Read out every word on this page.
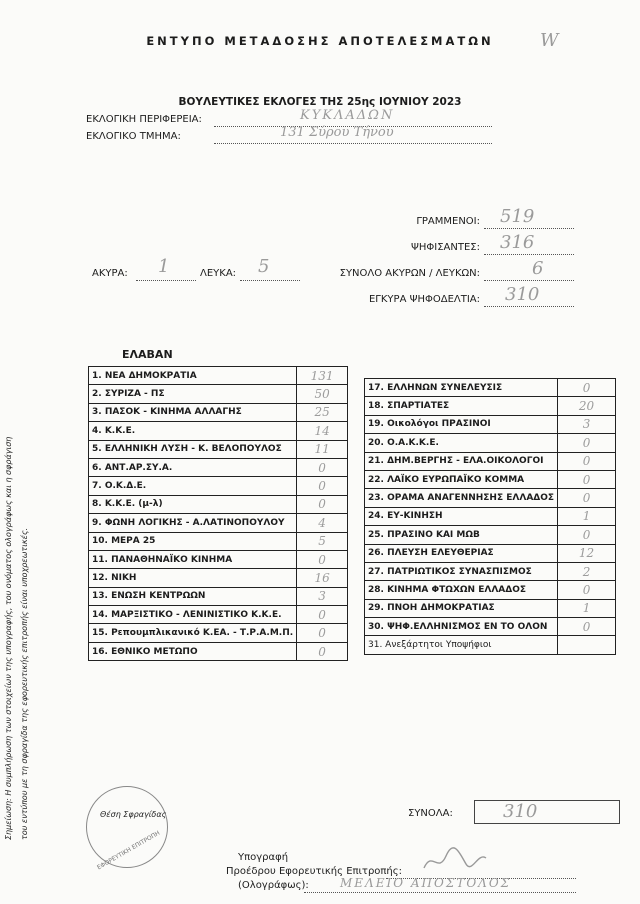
ΕΝΤΥΠΟ ΜΕΤΑΔΟΣΗΣ ΑΠΟΤΕΛΕΣΜΑΤΩΝ	W
ΒΟΥΛΕΥΤΙΚΕΣ ΕΚΛΟΓΕΣ ΤΗΣ 25ης ΙΟΥΝΙΟΥ 2023
ΕΚΛΟΓΙΚΗ ΠΕΡΙΦΕΡΕΙΑ:	ΚΥΚΛΑΔΩΝ
ΕΚΛΟΓΙΚΟ ΤΜΗΜΑ:	131 Σύρου Τήνου
ΓΡΑΜΜΕΝΟΙ: 519
ΨΗΦΙΣΑΝΤΕΣ: 316
ΑΚΥΡΑ: 1	ΛΕΥΚΑ: 5	ΣΥΝΟΛΟ ΑΚΥΡΩΝ / ΛΕΥΚΩΝ:	6
ΕΓΚΥΡΑ ΨΗΦΟΔΕΛΤΙΑ: 310
ΕΛΑΒΑΝ
1. ΝΕΑ ΔΗΜΟΚΡΑΤΙΑ	131
2. ΣΥΡΙΖΑ - ΠΣ	50
3. ΠΑΣΟΚ - ΚΙΝΗΜΑ ΑΛΛΑΓΗΣ	25
4. Κ.Κ.Ε.	14
5. ΕΛΛΗΝΙΚΗ ΛΥΣΗ - Κ. ΒΕΛΟΠΟΥΛΟΣ	11
6. ΑΝΤ.ΑΡ.ΣΥ.Α.	0
7. Ο.Κ.Δ.Ε.	0
8. Κ.Κ.Ε. (μ-λ)	0
9. ΦΩΝΗ ΛΟΓΙΚΗΣ - Α.ΛΑΤΙΝΟΠΟΥΛΟΥ	4
10. ΜΕΡΑ 25	5
11. ΠΑΝΑΘΗΝΑΪΚΟ ΚΙΝΗΜΑ	0
12. ΝΙΚΗ	16
13. ΕΝΩΣΗ ΚΕΝΤΡΩΩΝ	3
14. ΜΑΡΞΙΣΤΙΚΟ - ΛΕΝΙΝΙΣΤΙΚΟ Κ.Κ.Ε.	0
15. Ρεπουμπλικανικό Κ.ΕΑ. - Τ.Ρ.Α.Μ.Π.	0
16. ΕΘΝΙΚΟ ΜΕΤΩΠΟ	0
17. ΕΛΛΗΝΩΝ ΣΥΝΕΛΕΥΣΙΣ	0
18. ΣΠΑΡΤΙΑΤΕΣ	20
19. Οικολόγοι ΠΡΑΣΙΝΟΙ	3
20. Ο.Α.Κ.Κ.Ε.	0
21. ΔΗΜ.ΒΕΡΓΗΣ - ΕΛΑ.ΟΙΚΟΛΟΓΟΙ	0
22. ΛΑΪΚΟ ΕΥΡΩΠΑΪΚΟ ΚΟΜΜΑ	0
23. ΟΡΑΜΑ ΑΝΑΓΕΝΝΗΣΗΣ ΕΛΛΑΔΟΣ	0
24. ΕΥ-ΚΙΝΗΣΗ	1
25. ΠΡΑΣΙΝΟ ΚΑΙ ΜΩΒ	0
26. ΠΛΕΥΣΗ ΕΛΕΥΘΕΡΙΑΣ	12
27. ΠΑΤΡΙΩΤΙΚΟΣ ΣΥΝΑΣΠΙΣΜΟΣ	2
28. ΚΙΝΗΜΑ ΦΤΩΧΩΝ ΕΛΛΑΔΟΣ	0
29. ΠΝΟΗ ΔΗΜΟΚΡΑΤΙΑΣ	1
30. ΨΗΦ.ΕΛΛΗΝΙΣΜΟΣ ΕΝ ΤΟ ΟΛΟΝ	0
31. Ανεξάρτητοι Υποψήφιοι	
Σημείωση: Η συμπλήρωση των στοιχείων της υπογραφής, του ονόματος ολογράφως και η σφράγιση του εντύπου με τη σφραγίδα της εφορευτικής επιτροπής είναι υποχρεωτικές.
ΕΦΟΡΕΥΤΙΚΗ ΕΠΙΤΡΟΠΗ
Θέση Σφραγίδας	ΣΥΝΟΛΑ:	310
Υπογραφή
Προέδρου Εφορευτικής Επιτροπής:
(Ολογράφως):	ΜΕΛΕΙΟ ΑΠΟΣΤΟΛΟΣ
